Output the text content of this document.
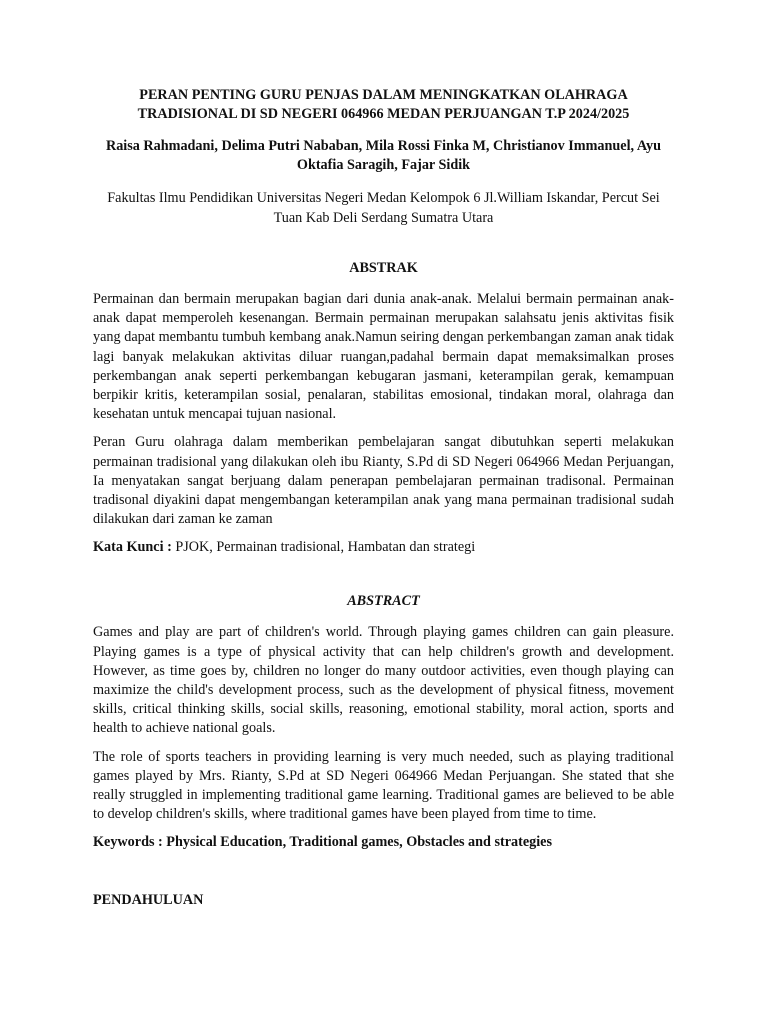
PERAN PENTING GURU PENJAS DALAM MENINGKATKAN OLAHRAGA TRADISIONAL DI SD NEGERI 064966 MEDAN PERJUANGAN T.P 2024/2025

Raisa Rahmadani, Delima Putri Nababan, Mila Rossi Finka M, Christianov Immanuel, Ayu Oktafia Saragih, Fajar Sidik

Fakultas Ilmu Pendidikan Universitas Negeri Medan Kelompok 6 Jl.William Iskandar, Percut Sei Tuan Kab Deli Serdang Sumatra Utara

ABSTRAK

Permainan dan bermain merupakan bagian dari dunia anak-anak. Melalui bermain permainan anak-anak dapat memperoleh kesenangan. Bermain permainan merupakan salahsatu jenis aktivitas fisik yang dapat membantu tumbuh kembang anak.Namun seiring dengan perkembangan zaman anak tidak lagi banyak melakukan aktivitas diluar ruangan,padahal bermain dapat memaksimalkan proses perkembangan anak seperti perkembangan kebugaran jasmani, keterampilan gerak, kemampuan berpikir kritis, keterampilan sosial, penalaran, stabilitas emosional, tindakan moral, olahraga dan kesehatan untuk mencapai tujuan nasional.

Peran Guru olahraga dalam memberikan pembelajaran sangat dibutuhkan seperti melakukan permainan tradisional yang dilakukan oleh ibu Rianty, S.Pd di SD Negeri 064966 Medan Perjuangan, Ia menyatakan sangat berjuang dalam penerapan pembelajaran permainan tradisonal. Permainan tradisonal diyakini dapat mengembangan keterampilan anak yang mana permainan tradisional sudah dilakukan dari zaman ke zaman

Kata Kunci : PJOK, Permainan tradisional, Hambatan dan strategi

ABSTRACT

Games and play are part of children's world. Through playing games children can gain pleasure. Playing games is a type of physical activity that can help children's growth and development. However, as time goes by, children no longer do many outdoor activities, even though playing can maximize the child's development process, such as the development of physical fitness, movement skills, critical thinking skills, social skills, reasoning, emotional stability, moral action, sports and health to achieve national goals.

The role of sports teachers in providing learning is very much needed, such as playing traditional games played by Mrs. Rianty, S.Pd at SD Negeri 064966 Medan Perjuangan. She stated that she really struggled in implementing traditional game learning. Traditional games are believed to be able to develop children's skills, where traditional games have been played from time to time.

Keywords : Physical Education, Traditional games, Obstacles and strategies

PENDAHULUAN
